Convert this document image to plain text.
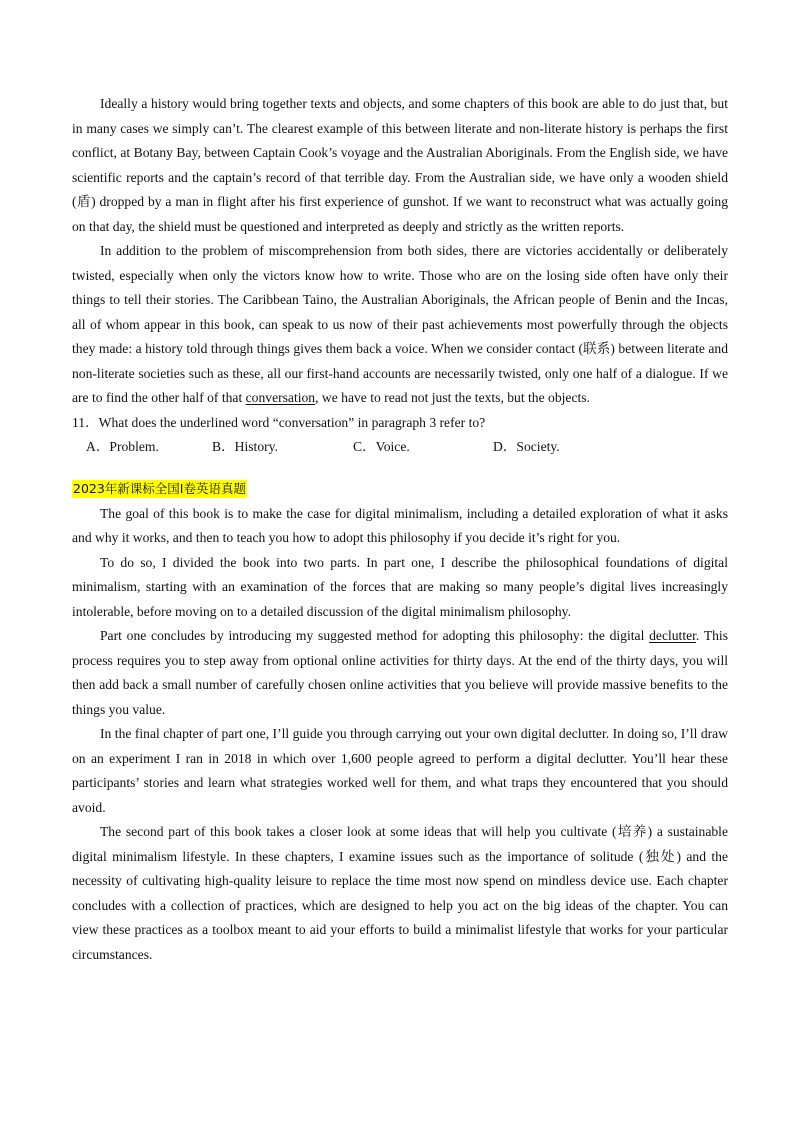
Ideally a history would bring together texts and objects, and some chapters of this book are able to do just that, but in many cases we simply can’t. The clearest example of this between literate and non-literate history is perhaps the first conflict, at Botany Bay, between Captain Cook’s voyage and the Australian Aboriginals. From the English side, we have scientific reports and the captain’s record of that terrible day. From the Australian side, we have only a wooden shield (盾) dropped by a man in flight after his first experience of gunshot. If we want to reconstruct what was actually going on that day, the shield must be questioned and interpreted as deeply and strictly as the written reports.

In addition to the problem of miscomprehension from both sides, there are victories accidentally or deliberately twisted, especially when only the victors know how to write. Those who are on the losing side often have only their things to tell their stories. The Caribbean Taino, the Australian Aboriginals, the African people of Benin and the Incas, all of whom appear in this book, can speak to us now of their past achievements most powerfully through the objects they made: a history told through things gives them back a voice. When we consider contact (联系) between literate and non-literate societies such as these, all our first-hand accounts are necessarily twisted, only one half of a dialogue. If we are to find the other half of that conversation, we have to read not just the texts, but the objects.

11．What does the underlined word “conversation” in paragraph 3 refer to?
A．Problem.	B．History.	C．Voice.	D．Society.
2023年新课标全国I卷英语真题

The goal of this book is to make the case for digital minimalism, including a detailed exploration of what it asks and why it works, and then to teach you how to adopt this philosophy if you decide it’s right for you.

To do so, I divided the book into two parts. In part one, I describe the philosophical foundations of digital minimalism, starting with an examination of the forces that are making so many people’s digital lives increasingly intolerable, before moving on to a detailed discussion of the digital minimalism philosophy.

Part one concludes by introducing my suggested method for adopting this philosophy: the digital declutter. This process requires you to step away from optional online activities for thirty days. At the end of the thirty days, you will then add back a small number of carefully chosen online activities that you believe will provide massive benefits to the things you value.

In the final chapter of part one, I’ll guide you through carrying out your own digital declutter. In doing so, I’ll draw on an experiment I ran in 2018 in which over 1,600 people agreed to perform a digital declutter. You’ll hear these participants’ stories and learn what strategies worked well for them, and what traps they encountered that you should avoid.

The second part of this book takes a closer look at some ideas that will help you cultivate (培养) a sustainable digital minimalism lifestyle. In these chapters, I examine issues such as the importance of solitude (独处) and the necessity of cultivating high-quality leisure to replace the time most now spend on mindless device use. Each chapter concludes with a collection of practices, which are designed to help you act on the big ideas of the chapter. You can view these practices as a toolbox meant to aid your efforts to build a minimalist lifestyle that works for your particular circumstances.
